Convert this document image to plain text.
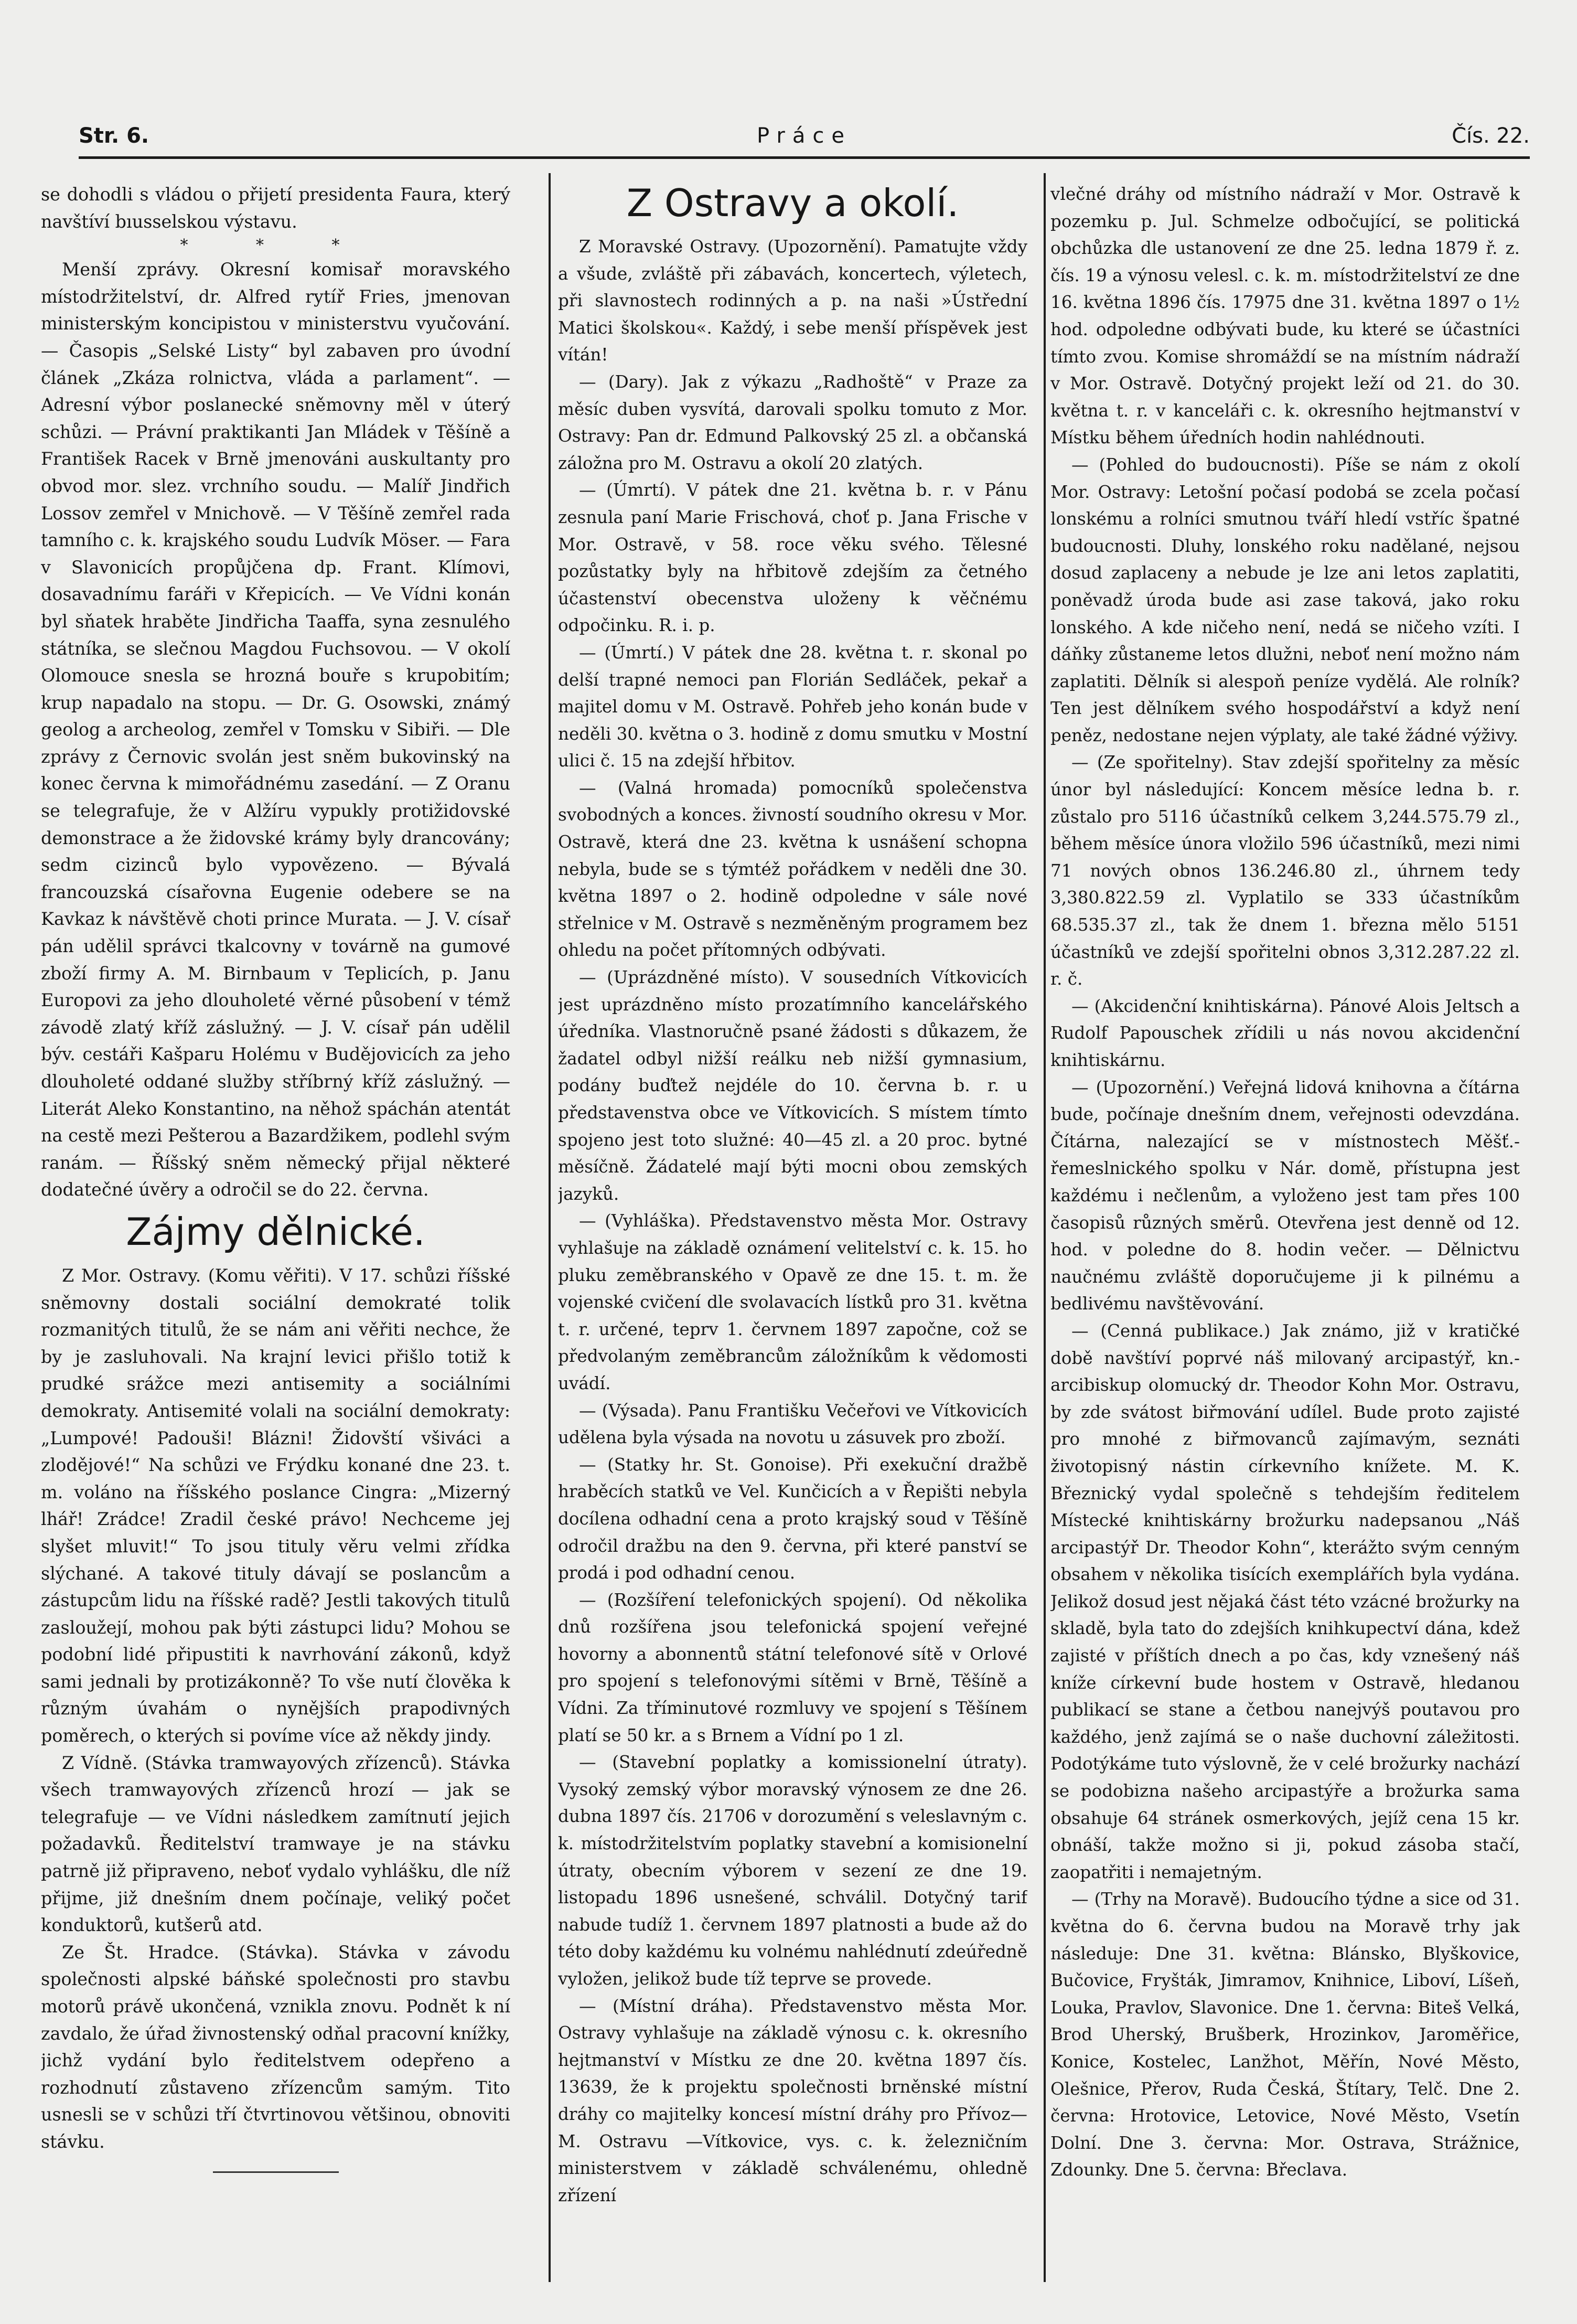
Str. 6.	Práce	Čís. 22.

se dohodli s vládou o přijetí presidenta Faura, který navštíví bıusselskou výstavu.

* * *

Menší zprávy. Okresní komisař moravského místodržitelství, dr. Alfred rytíř Fries, jmenovan ministerským koncipistou v ministerstvu vyučování. — Časopis „Selské Listy“ byl zabaven pro úvodní článek „Zkáza rolnictva, vláda a parlament“. — Adresní výbor poslanecké sněmovny měl v úterý schůzi. — Právní praktikanti Jan Mládek v Těšíně a František Racek v Brně jmenováni auskultanty pro obvod mor. slez. vrchního soudu. — Malíř Jindřich Lossov zemřel v Mnichově. — V Těšíně zemřel rada tamního c. k. krajského soudu Ludvík Möser. — Fara v Slavonicích propůjčena dp. Frant. Klímovi, dosavadnímu faráři v Křepicích. — Ve Vídni konán byl sňatek hraběte Jindřicha Taaffa, syna zesnulého státníka, se slečnou Magdou Fuchsovou. — V okolí Olomouce snesla se hrozná bouře s krupobitím; krup napadalo na stopu. — Dr. G. Osowski, známý geolog a archeolog, zemřel v Tomsku v Sibiři. — Dle zprávy z Černovic svolán jest sněm bukovinský na konec června k mimořádnému zasedání. — Z Oranu se telegrafuje, že v Alžíru vypukly protižidovské demonstrace a že židovské krámy byly drancovány; sedm cizinců bylo vypovězeno. — Bývalá francouzská císařovna Eugenie odebere se na Kavkaz k návštěvě choti prince Murata. — J. V. císař pán udělil správci tkalcovny v továrně na gumové zboží firmy A. M. Birnbaum v Teplicích, p. Janu Europovi za jeho dlouholeté věrné působení v témž závodě zlatý kříž záslužný. — J. V. císař pán udělil býv. cestáři Kašparu Holému v Budějovicích za jeho dlouholeté oddané služby stříbrný kříž záslužný. — Literát Aleko Konstantino, na něhož spáchán atentát na cestě mezi Pešterou a Bazardžikem, podlehl svým ranám. — Říšský sněm německý přijal některé dodatečné úvěry a odročil se do 22. června.

Zájmy dělnické.

Z Mor. Ostravy. (Komu věřiti). V 17. schůzi říšské sněmovny dostali sociální demokraté tolik rozmanitých titulů, že se nám ani věřiti nechce, že by je zasluhovali. Na krajní levici přišlo totiž k prudké srážce mezi antisemity a sociálními demokraty. Antisemité volali na sociální demokraty: „Lumpové! Padouši! Blázni! Židovští všiváci a zlodějové!“ Na schůzi ve Frýdku konané dne 23. t. m. voláno na říšského poslance Cingra: „Mizerný lhář! Zrádce! Zradil české právo! Nechceme jej slyšet mluvit!“ To jsou tituly věru velmi zřídka slýchané. A takové tituly dávají se poslancům a zástupcům lidu na říšské radě? Jestli takových titulů zasloužejí, mohou pak býti zástupci lidu? Mohou se podobní lidé připustiti k navrhování zákonů, když sami jednali by protizákonně? To vše nutí člověka k různým úvahám o nynějších prapodivných poměrech, o kterých si povíme více až někdy jindy.

Z Vídně. (Stávka tramwayových zřízenců). Stávka všech tramwayových zřízenců hrozí — jak se telegrafuje — ve Vídni následkem zamítnutí jejich požadavků. Ředitelství tramwaye je na stávku patrně již připraveno, neboť vydalo vyhlášku, dle níž přijme, již dnešním dnem počínaje, veliký počet konduktorů, kutšerů atd.

Ze Št. Hradce. (Stávka). Stávka v závodu společnosti alpské báňské společnosti pro stavbu motorů právě ukončená, vznikla znovu. Podnět k ní zavdalo, že úřad živnostenský odňal pracovní knížky, jichž vydání bylo ředitelstvem odepřeno a rozhodnutí zůstaveno zřízencům samým. Tito usnesli se v schůzi tří čtvrtinovou většinou, obnoviti stávku.

Z Ostravy a okolí.

Z Moravské Ostravy. (Upozornění). Pamatujte vždy a všude, zvláště při zábavách, koncertech, výletech, při slavnostech rodinných a p. na naši »Ústřední Matici školskou«. Každý, i sebe menší příspěvek jest vítán!

— (Dary). Jak z výkazu „Radhoště“ v Praze za měsíc duben vysvítá, darovali spolku tomuto z Mor. Ostravy: Pan dr. Edmund Palkovský 25 zl. a občanská záložna pro M. Ostravu a okolí 20 zlatých.

— (Úmrtí). V pátek dne 21. května b. r. v Pánu zesnula paní Marie Frischová, choť p. Jana Frische v Mor. Ostravě, v 58. roce věku svého. Tělesné pozůstatky byly na hřbitově zdejším za četného účastenství obecenstva uloženy k věčnému odpočinku. R. i. p.

— (Úmrtí.) V pátek dne 28. května t. r. skonal po delší trapné nemoci pan Florián Sedláček, pekař a majitel domu v M. Ostravě. Pohřeb jeho konán bude v neděli 30. května o 3. hodině z domu smutku v Mostní ulici č. 15 na zdejší hřbitov.

— (Valná hromada) pomocníků společenstva svobodných a konces. živností soudního okresu v Mor. Ostravě, která dne 23. května k usnášení schopna nebyla, bude se s týmtéž pořádkem v neděli dne 30. května 1897 o 2. hodině odpoledne v sále nové střelnice v M. Ostravě s nezměněným programem bez ohledu na počet přítomných odbývati.

— (Uprázdněné místo). V sousedních Vítkovicích jest uprázdněno místo prozatímního kancelářského úředníka. Vlastnoručně psané žádosti s důkazem, že žadatel odbyl nižší reálku neb nižší gymnasium, podány buďtež nejdéle do 10. června b. r. u představenstva obce ve Vítkovicích. S místem tímto spojeno jest toto služné: 40—45 zl. a 20 proc. bytné měsíčně. Žádatelé mají býti mocni obou zemských jazyků.

— (Vyhláška). Představenstvo města Mor. Ostravy vyhlašuje na základě oznámení velitelství c. k. 15. ho pluku zeměbranského v Opavě ze dne 15. t. m. že vojenské cvičení dle svolavacích lístků pro 31. května t. r. určené, teprv 1. červnem 1897 započne, což se předvolaným zeměbrancům záložníkům k vědomosti uvádí.

— (Výsada). Panu Františku Večeřovi ve Vítkovicích udělena byla výsada na novotu u zásuvek pro zboží.

— (Statky hr. St. Gonoise). Při exekuční dražbě hraběcích statků ve Vel. Kunčicích a v Řepišti nebyla docílena odhadní cena a proto krajský soud v Těšíně odročil dražbu na den 9. června, při které panství se prodá i pod odhadní cenou.

— (Rozšíření telefonických spojení). Od několika dnů rozšířena jsou telefonická spojení veřejné hovorny a abonnentů státní telefonové sítě v Orlové pro spojení s telefonovými sítěmi v Brně, Těšíně a Vídni. Za tříminutové rozmluvy ve spojení s Těšínem platí se 50 kr. a s Brnem a Vídní po 1 zl.

— (Stavební poplatky a komissionelní útraty). Vysoký zemský výbor moravský výnosem ze dne 26. dubna 1897 čís. 21706 v dorozumění s veleslavným c. k. místodržitelstvím poplatky stavební a komisionelní útraty, obecním výborem v sezení ze dne 19. listopadu 1896 usnešené, schválil. Dotyčný tarif nabude tudíž 1. červnem 1897 platnosti a bude až do této doby každému ku volnému nahlédnutí zdeúředně vyložen, jelikož bude tíž teprve se provede.

— (Místní dráha). Představenstvo města Mor. Ostravy vyhlašuje na základě výnosu c. k. okresního hejtmanství v Místku ze dne 20. května 1897 čís. 13639, že k projektu společnosti brněnské místní dráhy co majitelky koncesí místní dráhy pro Přívoz—M. Ostravu —Vítkovice, vys. c. k. železničním ministerstvem v základě schválenému, ohledně zřízení

vlečné dráhy od místního nádraží v Mor. Ostravě k pozemku p. Jul. Schmelze odbočující, se politická obchůzka dle ustanovení ze dne 25. ledna 1879 ř. z. čís. 19 a výnosu velesl. c. k. m. místodržitelství ze dne 16. května 1896 čís. 17975 dne 31. května 1897 o 1½ hod. odpoledne odbývati bude, ku které se účastníci tímto zvou. Komise shromáždí se na místním nádraží v Mor. Ostravě. Dotyčný projekt leží od 21. do 30. května t. r. v kanceláři c. k. okresního hejtmanství v Místku během úředních hodin nahlédnouti.

— (Pohled do budoucnosti). Píše se nám z okolí Mor. Ostravy: Letošní počasí podobá se zcela počasí lonskému a rolníci smutnou tváří hledí vstříc špatné budoucnosti. Dluhy, lonského roku nadělané, nejsou dosud zaplaceny a nebude je lze ani letos zaplatiti, poněvadž úroda bude asi zase taková, jako roku lonského. A kde ničeho není, nedá se ničeho vzíti. I dáňky zůstaneme letos dlužni, neboť není možno nám zaplatiti. Dělník si alespoň peníze vydělá. Ale rolník? Ten jest dělníkem svého hospodářství a když není peněz, nedostane nejen výplaty, ale také žádné výživy.

— (Ze spořitelny). Stav zdejší spořitelny za měsíc únor byl následující: Koncem měsíce ledna b. r. zůstalo pro 5116 účastníků celkem 3,244.575.79 zl., během měsíce února vložilo 596 účastníků, mezi nimi 71 nových obnos 136.246.80 zl., úhrnem tedy 3,380.822.59 zl. Vyplatilo se 333 účastníkům 68.535.37 zl., tak že dnem 1. března mělo 5151 účastníků ve zdejší spořitelni obnos 3,312.287.22 zl. r. č.

— (Akcidenční knihtiskárna). Pánové Alois Jeltsch a Rudolf Papouschek zřídili u nás novou akcidenční knihtiskárnu.

— (Upozornění.) Veřejná lidová knihovna a čítárna bude, počínaje dnešním dnem, veřejnosti odevzdána. Čítárna, nalezající se v místnostech Měšť.-řemeslnického spolku v Nár. domě, přístupna jest každému i nečlenům, a vyloženo jest tam přes 100 časopisů různých směrů. Otevřena jest denně od 12. hod. v poledne do 8. hodin večer. — Dělnictvu naučnému zvláště doporučujeme ji k pilnému a bedlivému navštěvování.

— (Cenná publikace.) Jak známo, již v kratičké době navštíví poprvé náš milovaný arcipastýř, kn.-arcibiskup olomucký dr. Theodor Kohn Mor. Ostravu, by zde svátost biřmování udílel. Bude proto zajisté pro mnohé z biřmovanců zajímavým, seznáti životopisný nástin církevního knížete. M. K. Březnický vydal společně s tehdejším ředitelem Místecké knihtiskárny brožurku nadepsanou „Náš arcipastýř Dr. Theodor Kohn“, kterážto svým cenným obsahem v několika tisících exemplářích byla vydána. Jelikož dosud jest nějaká část této vzácné brožurky na skladě, byla tato do zdejších knihkupectví dána, kdež zajisté v příštích dnech a po čas, kdy vznešený náš kníže církevní bude hostem v Ostravě, hledanou publikací se stane a četbou nanejvýš poutavou pro každého, jenž zajímá se o naše duchovní záležitosti. Podotýkáme tuto výslovně, že v celé brožurky nachází se podobizna našeho arcipastýře a brožurka sama obsahuje 64 stránek osmerkových, jejíž cena 15 kr. obnáší, takže možno si ji, pokud zásoba stačí, zaopatřiti i nemajetným.

— (Trhy na Moravě). Budoucího týdne a sice od 31. května do 6. června budou na Moravě trhy jak následuje: Dne 31. května: Blánsko, Blyškovice, Bučovice, Fryšták, Jimramov, Knihnice, Liboví, Líšeň, Louka, Pravlov, Slavonice. Dne 1. června: Biteš Velká, Brod Uherský, Brušberk, Hrozinkov, Jaroměřice, Konice, Kostelec, Lanžhot, Měřín, Nové Město, Olešnice, Přerov, Ruda Česká, Štítary, Telč. Dne 2. června: Hrotovice, Letovice, Nové Město, Vsetín Dolní. Dne 3. června: Mor. Ostrava, Strážnice, Zdounky. Dne 5. června: Břeclava.
